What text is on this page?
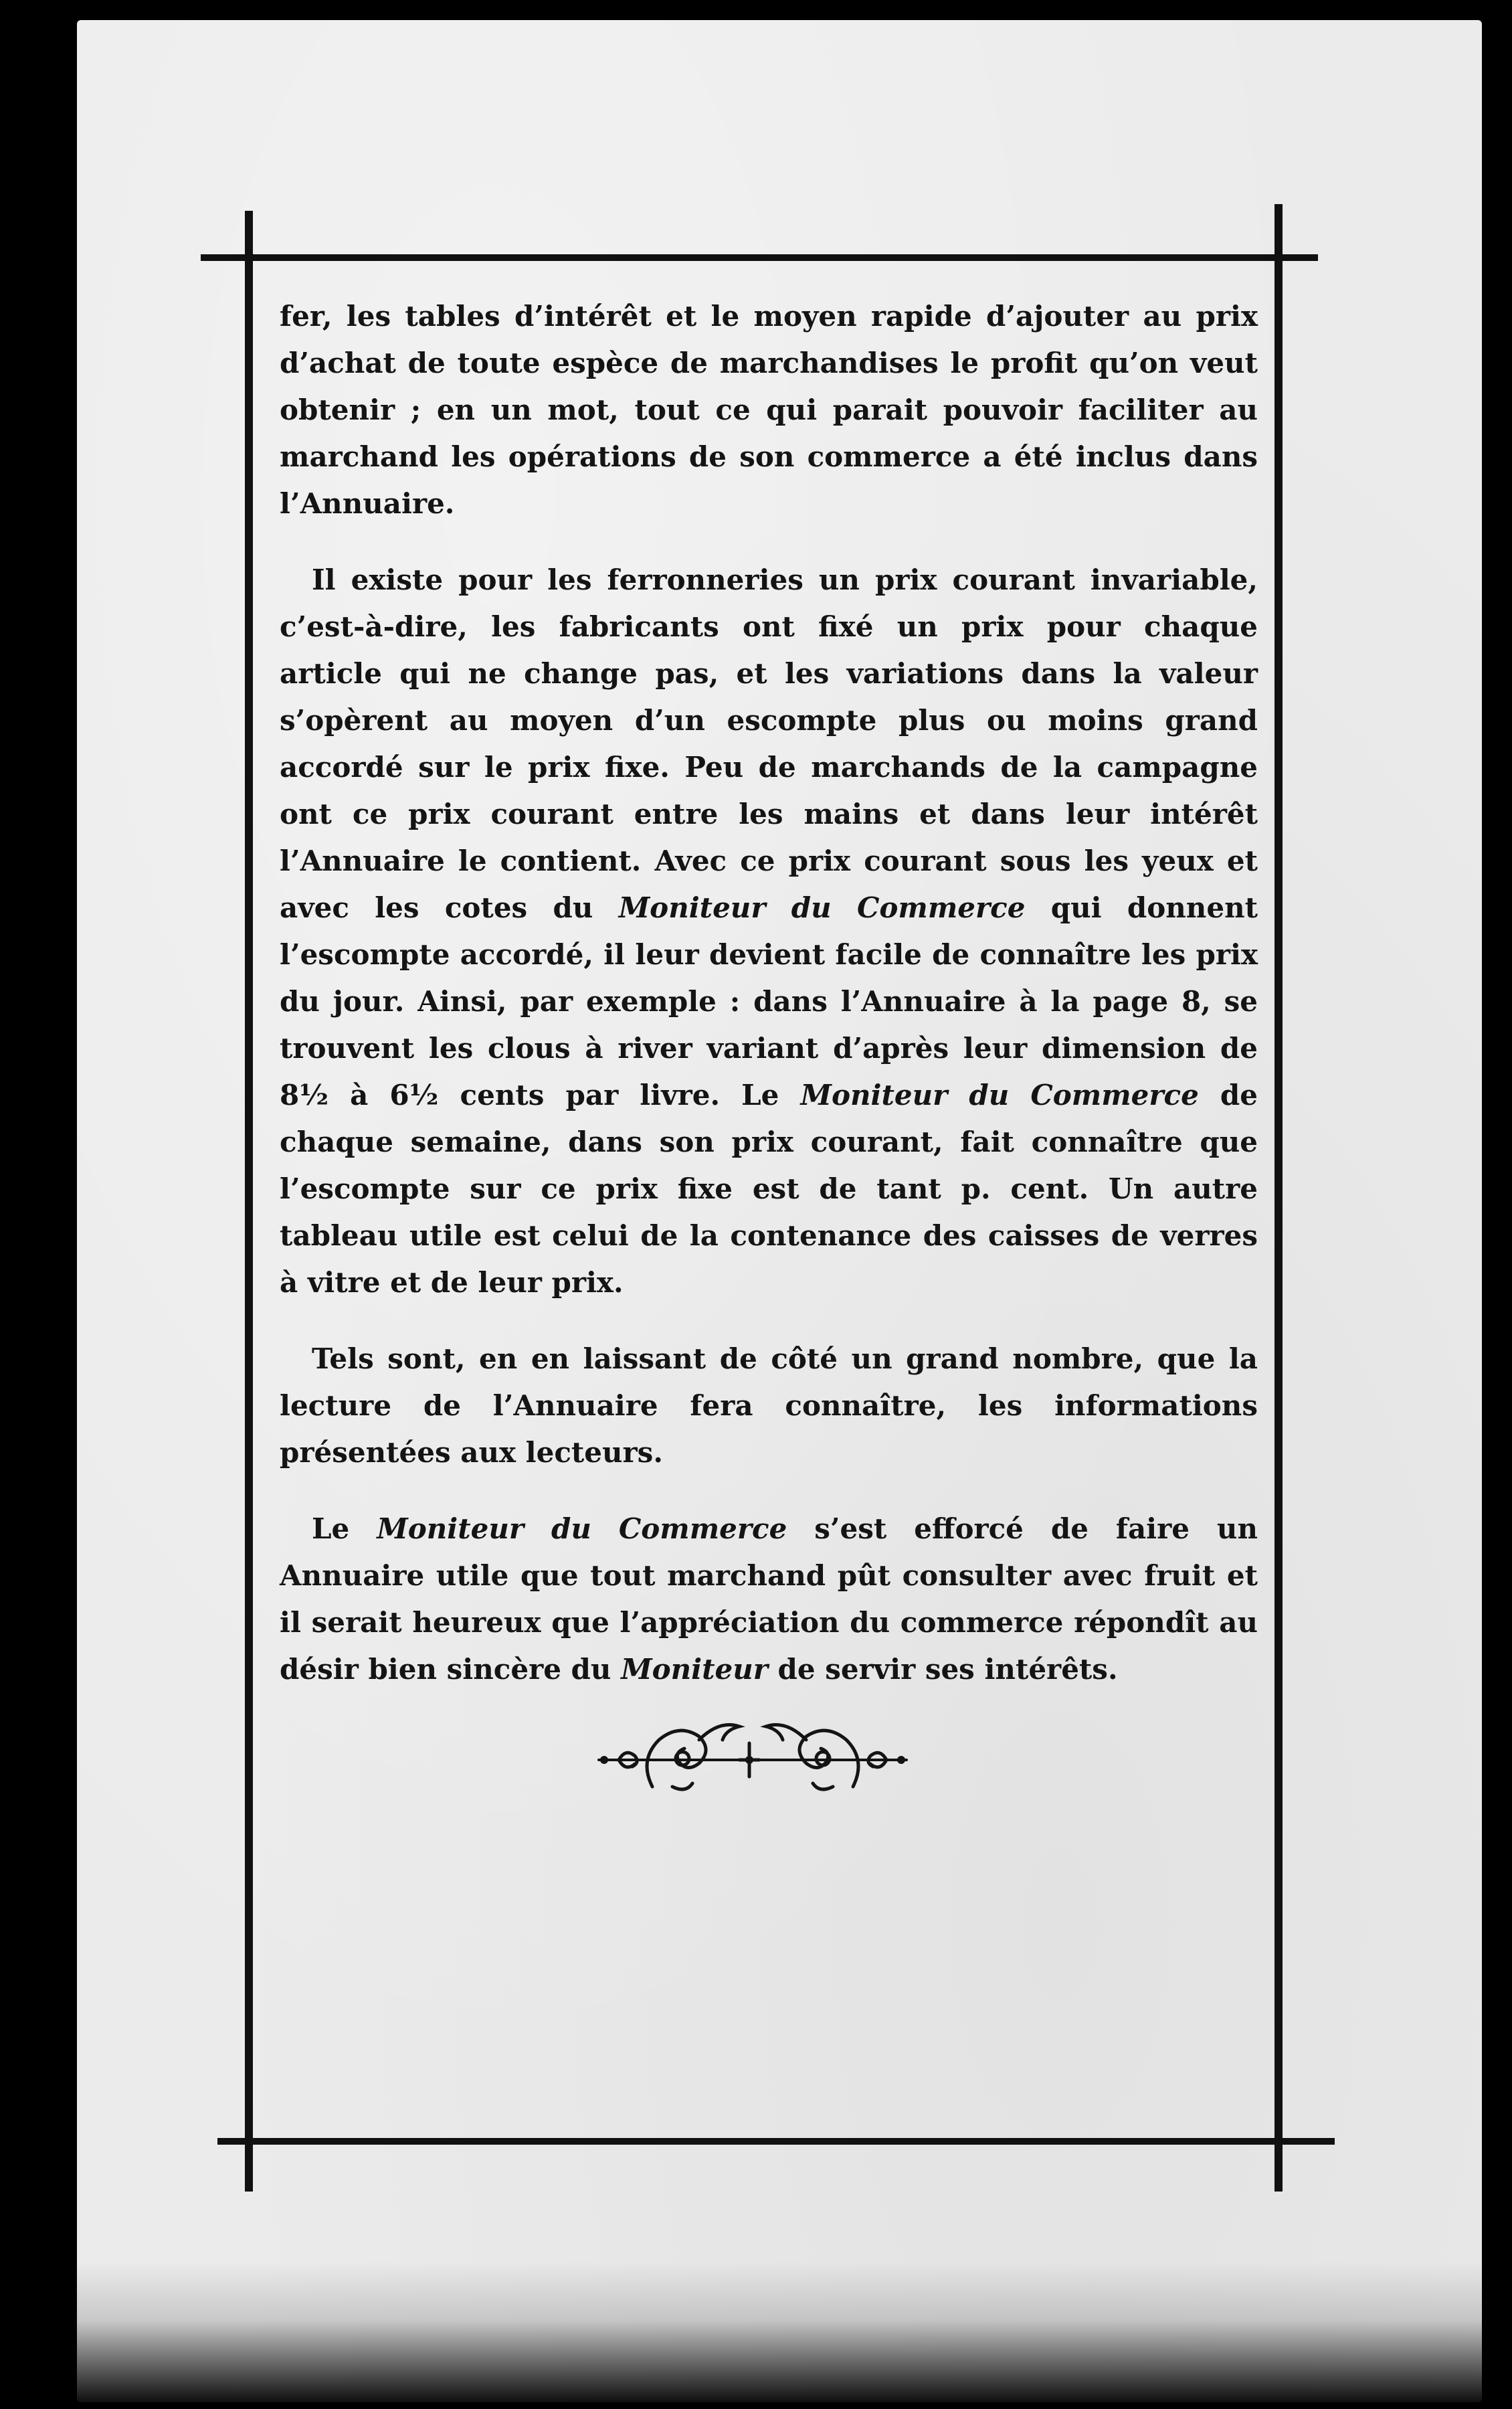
fer, les tables d’intérêt et le moyen rapide d’ajouter au prix d’achat de toute espèce de marchandises le profit qu’on veut obtenir ; en un mot, tout ce qui parait pouvoir faciliter au marchand les opérations de son commerce a été inclus dans l’Annuaire.

Il existe pour les ferronneries un prix courant invariable, c’est-à-dire, les fabricants ont fixé un prix pour chaque article qui ne change pas, et les variations dans la valeur s’opèrent au moyen d’un escompte plus ou moins grand accordé sur le prix fixe. Peu de marchands de la campagne ont ce prix courant entre les mains et dans leur intérêt l’Annuaire le contient. Avec ce prix courant sous les yeux et avec les cotes du Moniteur du Commerce qui donnent l’escompte accordé, il leur devient facile de connaître les prix du jour. Ainsi, par exemple : dans l’Annuaire à la page 8, se trouvent les clous à river variant d’après leur dimension de 8½ à 6½ cents par livre. Le Moniteur du Commerce de chaque semaine, dans son prix courant, fait connaître que l’escompte sur ce prix fixe est de tant p. cent. Un autre tableau utile est celui de la contenance des caisses de verres à vitre et de leur prix.

Tels sont, en en laissant de côté un grand nombre, que la lecture de l’Annuaire fera connaître, les informations présentées aux lecteurs.

Le Moniteur du Commerce s’est efforcé de faire un Annuaire utile que tout marchand pût consulter avec fruit et il serait heureux que l’appréciation du commerce répondît au désir bien sincère du Moniteur de servir ses intérêts.
